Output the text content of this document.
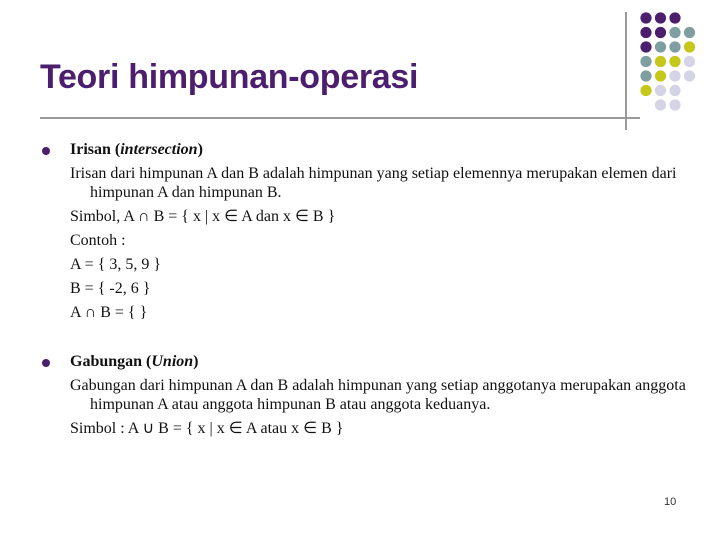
Teori himpunan-operasi
Irisan (intersection)
Irisan dari himpunan A dan B adalah himpunan yang setiap elemennya merupakan elemen dari himpunan A dan himpunan B.
Simbol, A ∩ B = { x | x ∈ A dan x ∈ B }
Contoh :
A = { 3, 5, 9 }
B = { -2, 6 }
A ∩ B = { }
Gabungan (Union)
Gabungan dari himpunan A dan B adalah himpunan yang setiap anggotanya merupakan anggota himpunan A atau anggota himpunan B atau anggota keduanya.
Simbol : A ∪ B = { x | x ∈ A atau x ∈ B }
10
